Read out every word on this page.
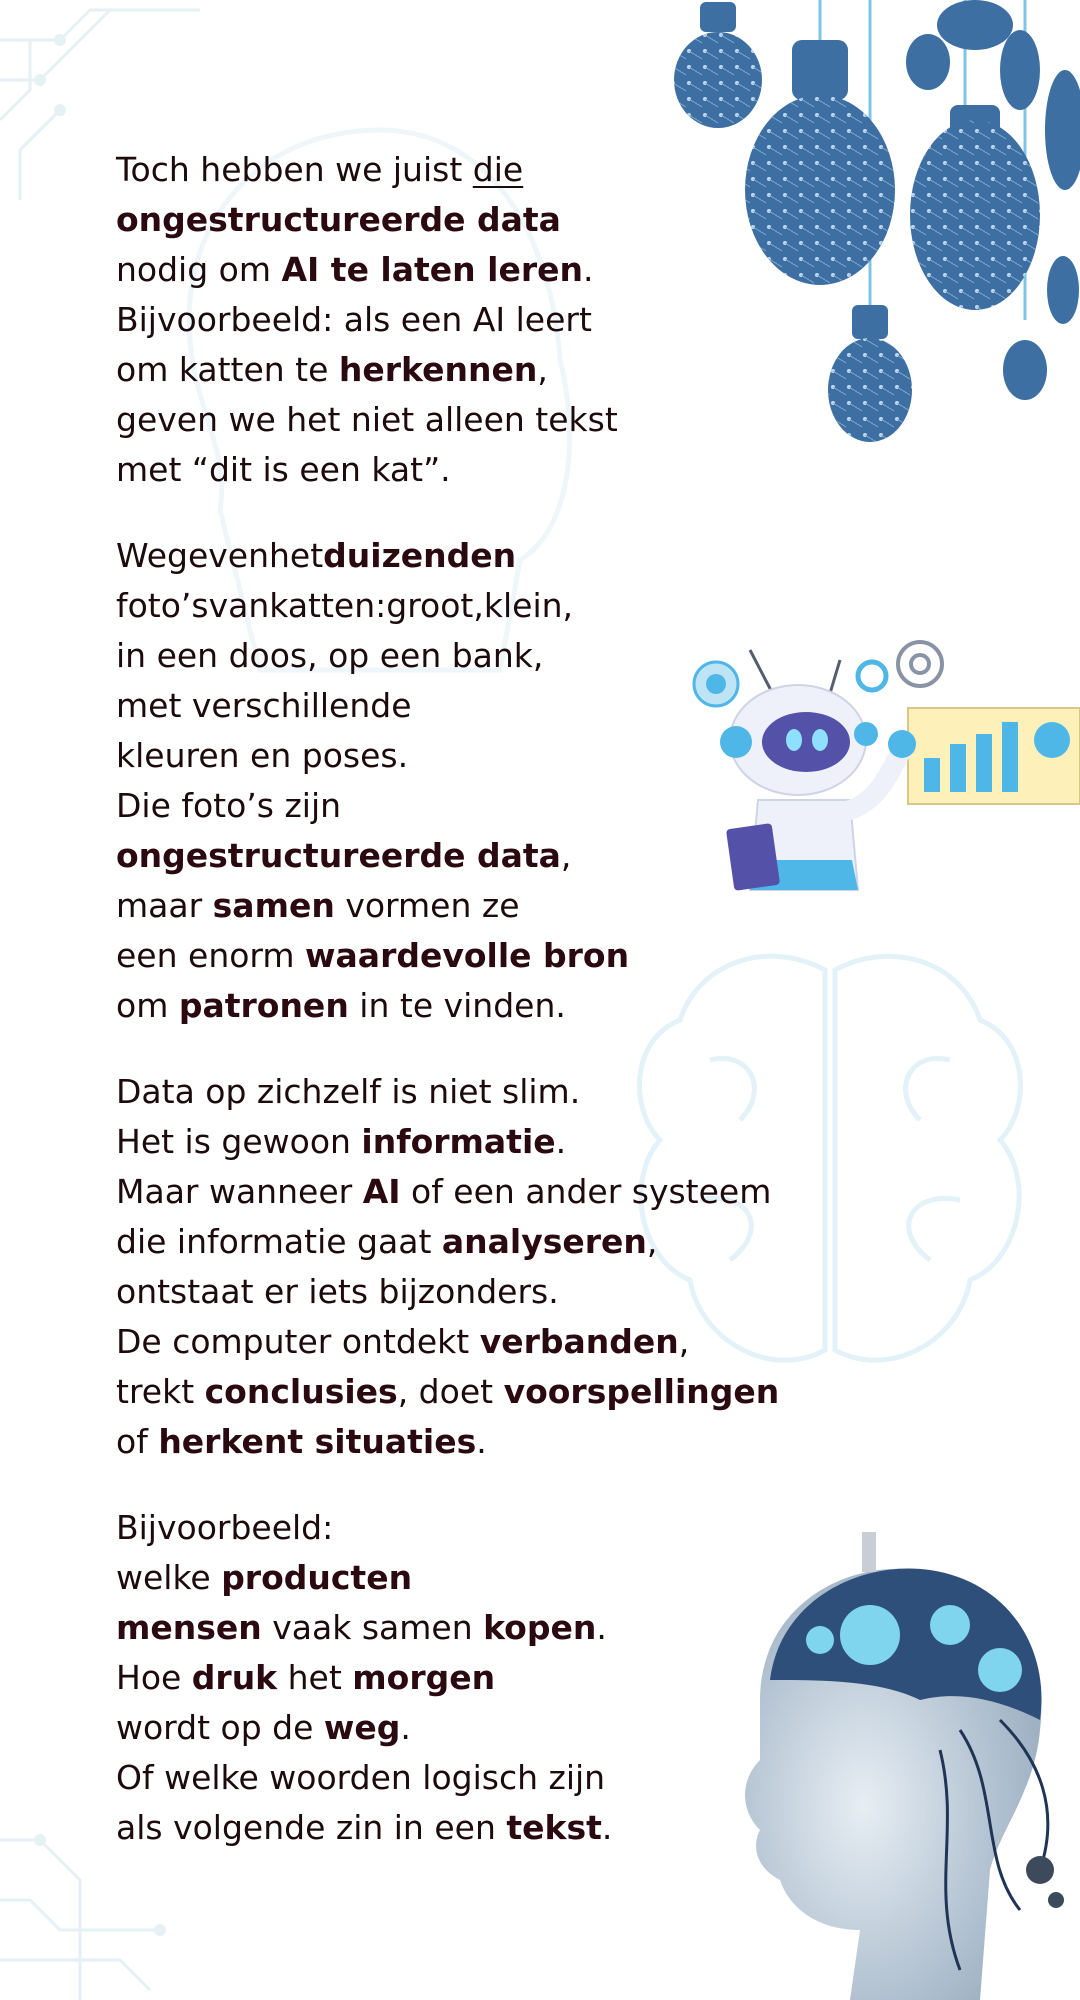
Toch hebben we juist die
ongestructureerde data
nodig om AI te laten leren.
Bijvoorbeeld: als een AI leert
om katten te herkennen,
geven we het niet alleen tekst
met “dit is een kat”.
Wegevenhetduizenden
foto’svankatten:groot,klein,
in een doos, op een bank,
met verschillende
kleuren en poses.
Die foto’s zijn
ongestructureerde data,
maar samen vormen ze
een enorm waardevolle bron
om patronen in te vinden.
Data op zichzelf is niet slim.
Het is gewoon informatie.
Maar wanneer AI of een ander systeem
die informatie gaat analyseren,
ontstaat er iets bijzonders.
De computer ontdekt verbanden,
trekt conclusies, doet voorspellingen
of herkent situaties.
Bijvoorbeeld:
welke producten
mensen vaak samen kopen.
Hoe druk het morgen
wordt op de weg.
Of welke woorden logisch zijn
als volgende zin in een tekst.
